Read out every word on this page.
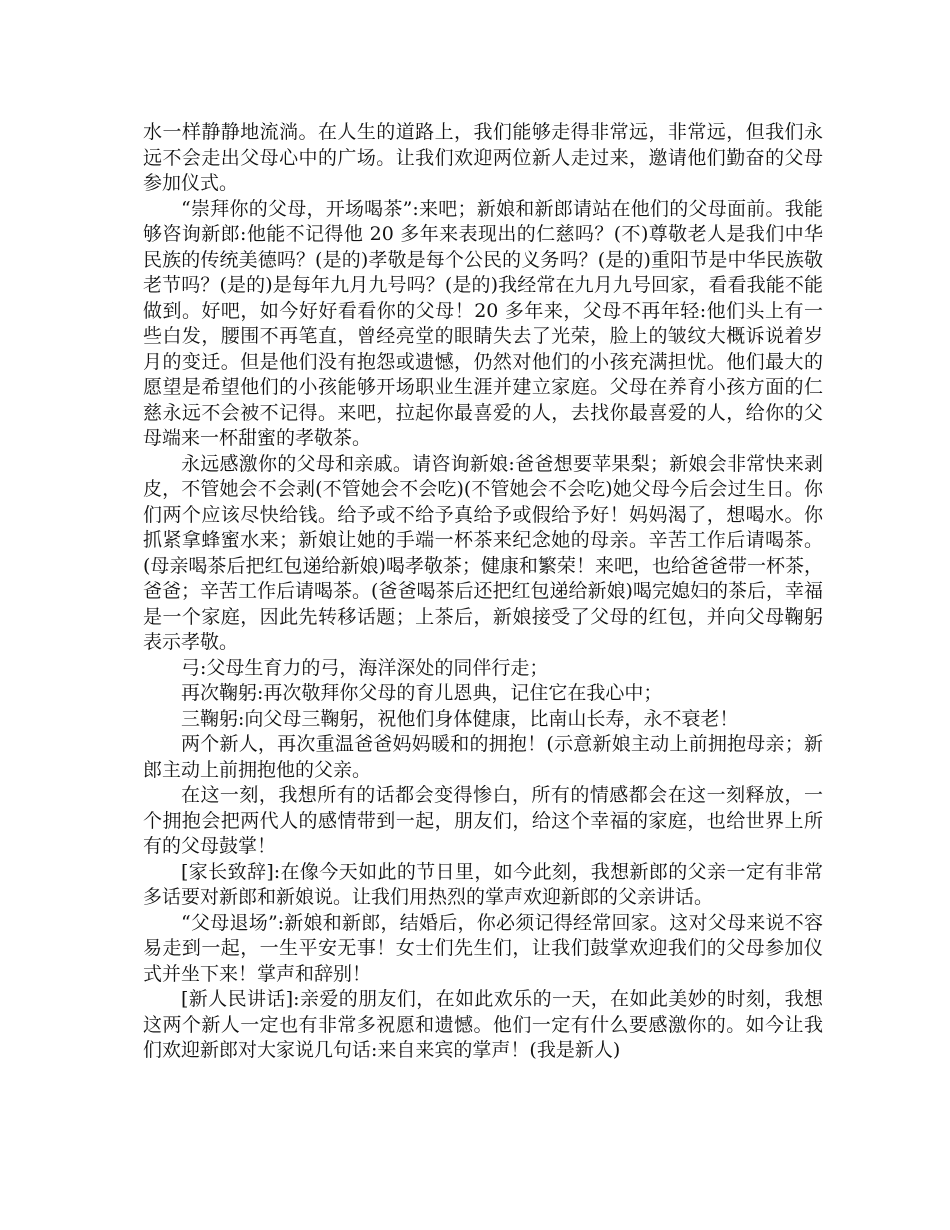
水一样静静地流淌。在人生的道路上，我们能够走得非常远，非常远，但我们永远不会走出父母心中的广场。让我们欢迎两位新人走过来，邀请他们勤奋的父母参加仪式。

“崇拜你的父母，开场喝茶”:来吧；新娘和新郎请站在他们的父母面前。我能够咨询新郎:他能不记得他 20 多年来表现出的仁慈吗？(不)尊敬老人是我们中华民族的传统美德吗？(是的)孝敬是每个公民的义务吗？(是的)重阳节是中华民族敬老节吗？(是的)是每年九月九号吗？(是的)我经常在九月九号回家，看看我能不能做到。好吧，如今好好看看你的父母！20 多年来，父母不再年轻:他们头上有一些白发，腰围不再笔直，曾经亮堂的眼睛失去了光荣，脸上的皱纹大概诉说着岁月的变迁。但是他们没有抱怨或遗憾，仍然对他们的小孩充满担忧。他们最大的愿望是希望他们的小孩能够开场职业生涯并建立家庭。父母在养育小孩方面的仁慈永远不会被不记得。来吧，拉起你最喜爱的人，去找你最喜爱的人，给你的父母端来一杯甜蜜的孝敬茶。

永远感激你的父母和亲戚。请咨询新娘:爸爸想要苹果梨；新娘会非常快来剥皮，不管她会不会剥(不管她会不会吃)(不管她会不会吃)她父母今后会过生日。你们两个应该尽快给钱。给予或不给予真给予或假给予好！妈妈渴了，想喝水。你抓紧拿蜂蜜水来；新娘让她的手端一杯茶来纪念她的母亲。辛苦工作后请喝茶。(母亲喝茶后把红包递给新娘)喝孝敬茶；健康和繁荣！来吧，也给爸爸带一杯茶，爸爸；辛苦工作后请喝茶。(爸爸喝茶后还把红包递给新娘)喝完媳妇的茶后，幸福是一个家庭，因此先转移话题；上茶后，新娘接受了父母的红包，并向父母鞠躬表示孝敬。

弓:父母生育力的弓，海洋深处的同伴行走；

再次鞠躬:再次敬拜你父母的育儿恩典，记住它在我心中；

三鞠躬:向父母三鞠躬，祝他们身体健康，比南山长寿，永不衰老！

两个新人，再次重温爸爸妈妈暖和的拥抱！(示意新娘主动上前拥抱母亲；新郎主动上前拥抱他的父亲。

在这一刻，我想所有的话都会变得惨白，所有的情感都会在这一刻释放，一个拥抱会把两代人的感情带到一起，朋友们，给这个幸福的家庭，也给世界上所有的父母鼓掌！

[家长致辞]:在像今天如此的节日里，如今此刻，我想新郎的父亲一定有非常多话要对新郎和新娘说。让我们用热烈的掌声欢迎新郎的父亲讲话。

“父母退场”:新娘和新郎，结婚后，你必须记得经常回家。这对父母来说不容易走到一起，一生平安无事！女士们先生们，让我们鼓掌欢迎我们的父母参加仪式并坐下来！掌声和辞别！

[新人民讲话]:亲爱的朋友们，在如此欢乐的一天，在如此美妙的时刻，我想这两个新人一定也有非常多祝愿和遗憾。他们一定有什么要感激你的。如今让我们欢迎新郎对大家说几句话:来自来宾的掌声！(我是新人)
